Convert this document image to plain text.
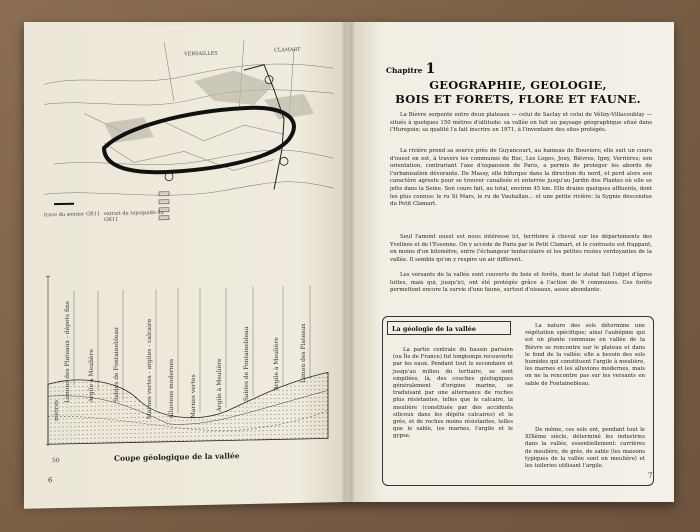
VERSAILLES
CLAMART
trace du sentier GR11 extrait du topoguide du GR11
50
mètres
Limons des Plateaux - dépots fins	Argile à Meulière	Sables de Fontainebleau	Marnes vertes - argiles - calcaire	Alluvions modernes	Marnes vertes	Argile à Meulière	Sables de Fontainebleau	Argile à Meulière	Limon des Plateaux
Coupe géologique de la vallée
6
Chapitre 1
GEOGRAPHIE, GEOLOGIE,
BOIS ET FORETS, FLORE ET FAUNE.
La Bièvre serpente entre deux plateaux — celui de Saclay et celui de Vélizy-Villacoublay — situés à quelques 150 mètres d'altitude: sa vallée en fait un paysage géographique situé dans l'Hurepoix; sa qualité l'a fait inscrire en 1971, à l'inventaire des sites protégés.
La rivière prend sa source près de Guyancourt, au hameau de Bouviers; elle suit un cours d'ouest en est, à travers les communes de Buc, Les Loges, Jouy, Bièvres, Igny, Verrières; son orientation, contrariant l'axe d'expansion de Paris, a permis de protéger les abords de l'urbanisation dévorante. De Massy, elle bifurque dans la direction du nord, et perd alors son caractère agreste pour se trouver canalisée et enterrée jusqu'au Jardin des Plantes où elle se jette dans la Seine. Son cours fait, au total, environ 45 km. Elle draine quelques affluents, dont les plus connus: le ru St Mars, le ru de Vauhallan... et une petite rivière: la Sygnie descendue du Petit Clamart.
Seul l'amont ouest est nous intéresse ici, territoire à cheval sur les départements des Yvelines et de l'Essonne. On y accède de Paris par le Petit Clamart, et le contraste est frappant, en moins d'un kilomètre, entre l'échangeur tentaculaire et les petites routes verdoyantes de la vallée. Il semble qu'on y respire un air différent.
Les versants de la vallée sont couverts de bois et forêts, dont le statut fait l'objet d'âpres luttes, mais qui, jusqu'ici, ont été protégés grâce à l'action de 9 communes. Ces forêts permettent encore la survie d'une faune, surtout d'oiseaux, assez abondante.
La géologie de la vallée
La partie centrale du bassin parisien (ou Île de France) fut longtemps recouverte par les eaux. Pendant tout le secondaire et jusqu'au milieu du tertiaire, se sont empilées, là, des couches géologiques généralement d'origine marine, se traduisant par une alternance de roches plus résistantes, telles que le calcaire, la meulière (constituée par des accidents siliceux dans les dépôts calcaires) et le grès, et de roches moins résistantes, telles que le sable, les marnes, l'argile et le gypse.
La nature des sols détermine une végétation spécifique; ainsi l'aubépine qui est un plante commune en vallée de la Bièvre se rencontre sur le plateau et dans le fond de la vallée: elle a besoin des sols humides qui constituent l'argile à meulière, les marnes et les alluvions modernes, mais on ne la rencontre pas sur les versants en sable de Fontainebleau.
De même, ces sols ont, pendant tout le XIXème siècle, déterminé les industries dans la vallée, essentiellement: carrières de meulière, de grès, de sable (les maisons typiques de la vallée sont en meulière) et les tuileries utilisant l'argile.
7
